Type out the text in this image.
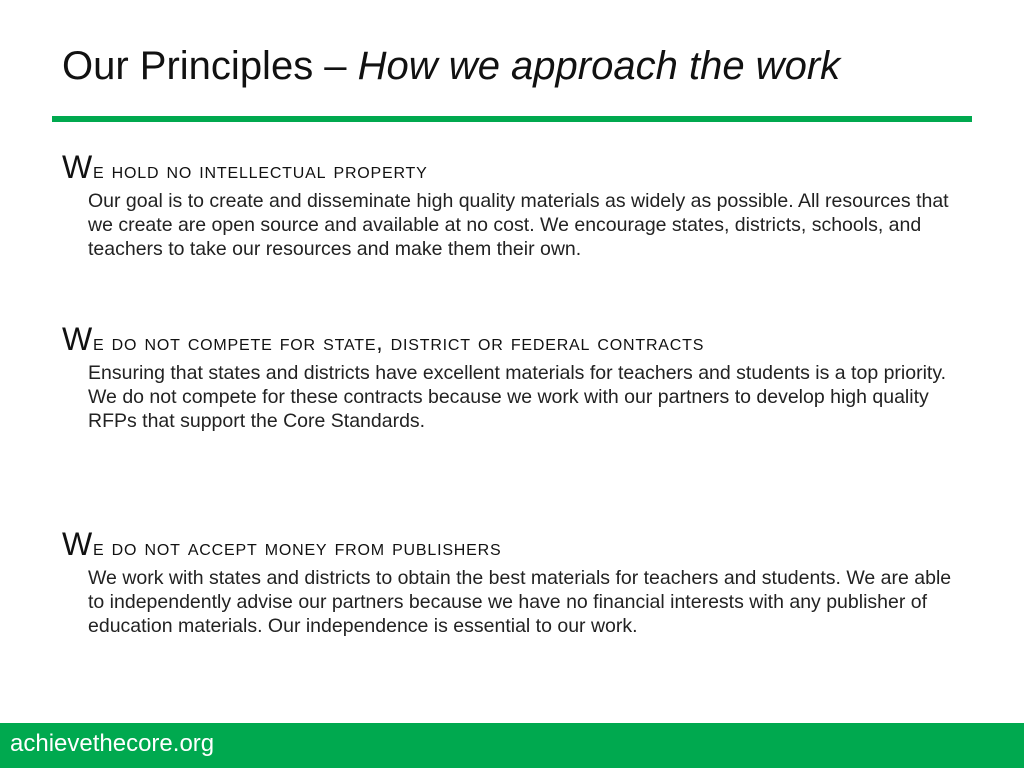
Our Principles – How we approach the work

We hold no intellectual property

Our goal is to create and disseminate high quality materials as widely as possible. All resources that we create are open source and available at no cost. We encourage states, districts, schools, and teachers to take our resources and make them their own.

We do not compete for state, district or federal contracts

Ensuring that states and districts have excellent materials for teachers and students is a top priority. We do not compete for these contracts because we work with our partners to develop high quality RFPs that support the Core Standards.

We do not accept money from publishers

We work with states and districts to obtain the best materials for teachers and students. We are able to independently advise our partners because we have no financial interests with any publisher of education materials. Our independence is essential to our work.

achievethecore.org
